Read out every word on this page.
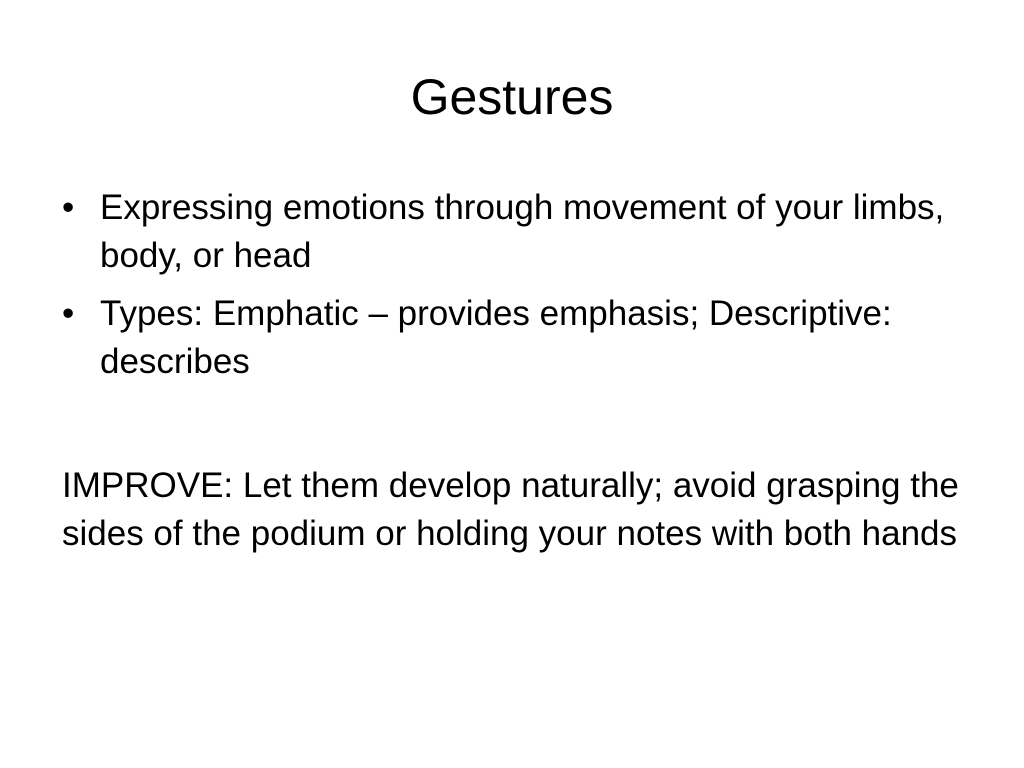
Gestures
• Expressing emotions through movement of your limbs, body, or head
• Types: Emphatic – provides emphasis; Descriptive: describes

IMPROVE: Let them develop naturally; avoid grasping the sides of the podium or holding your notes with both hands
